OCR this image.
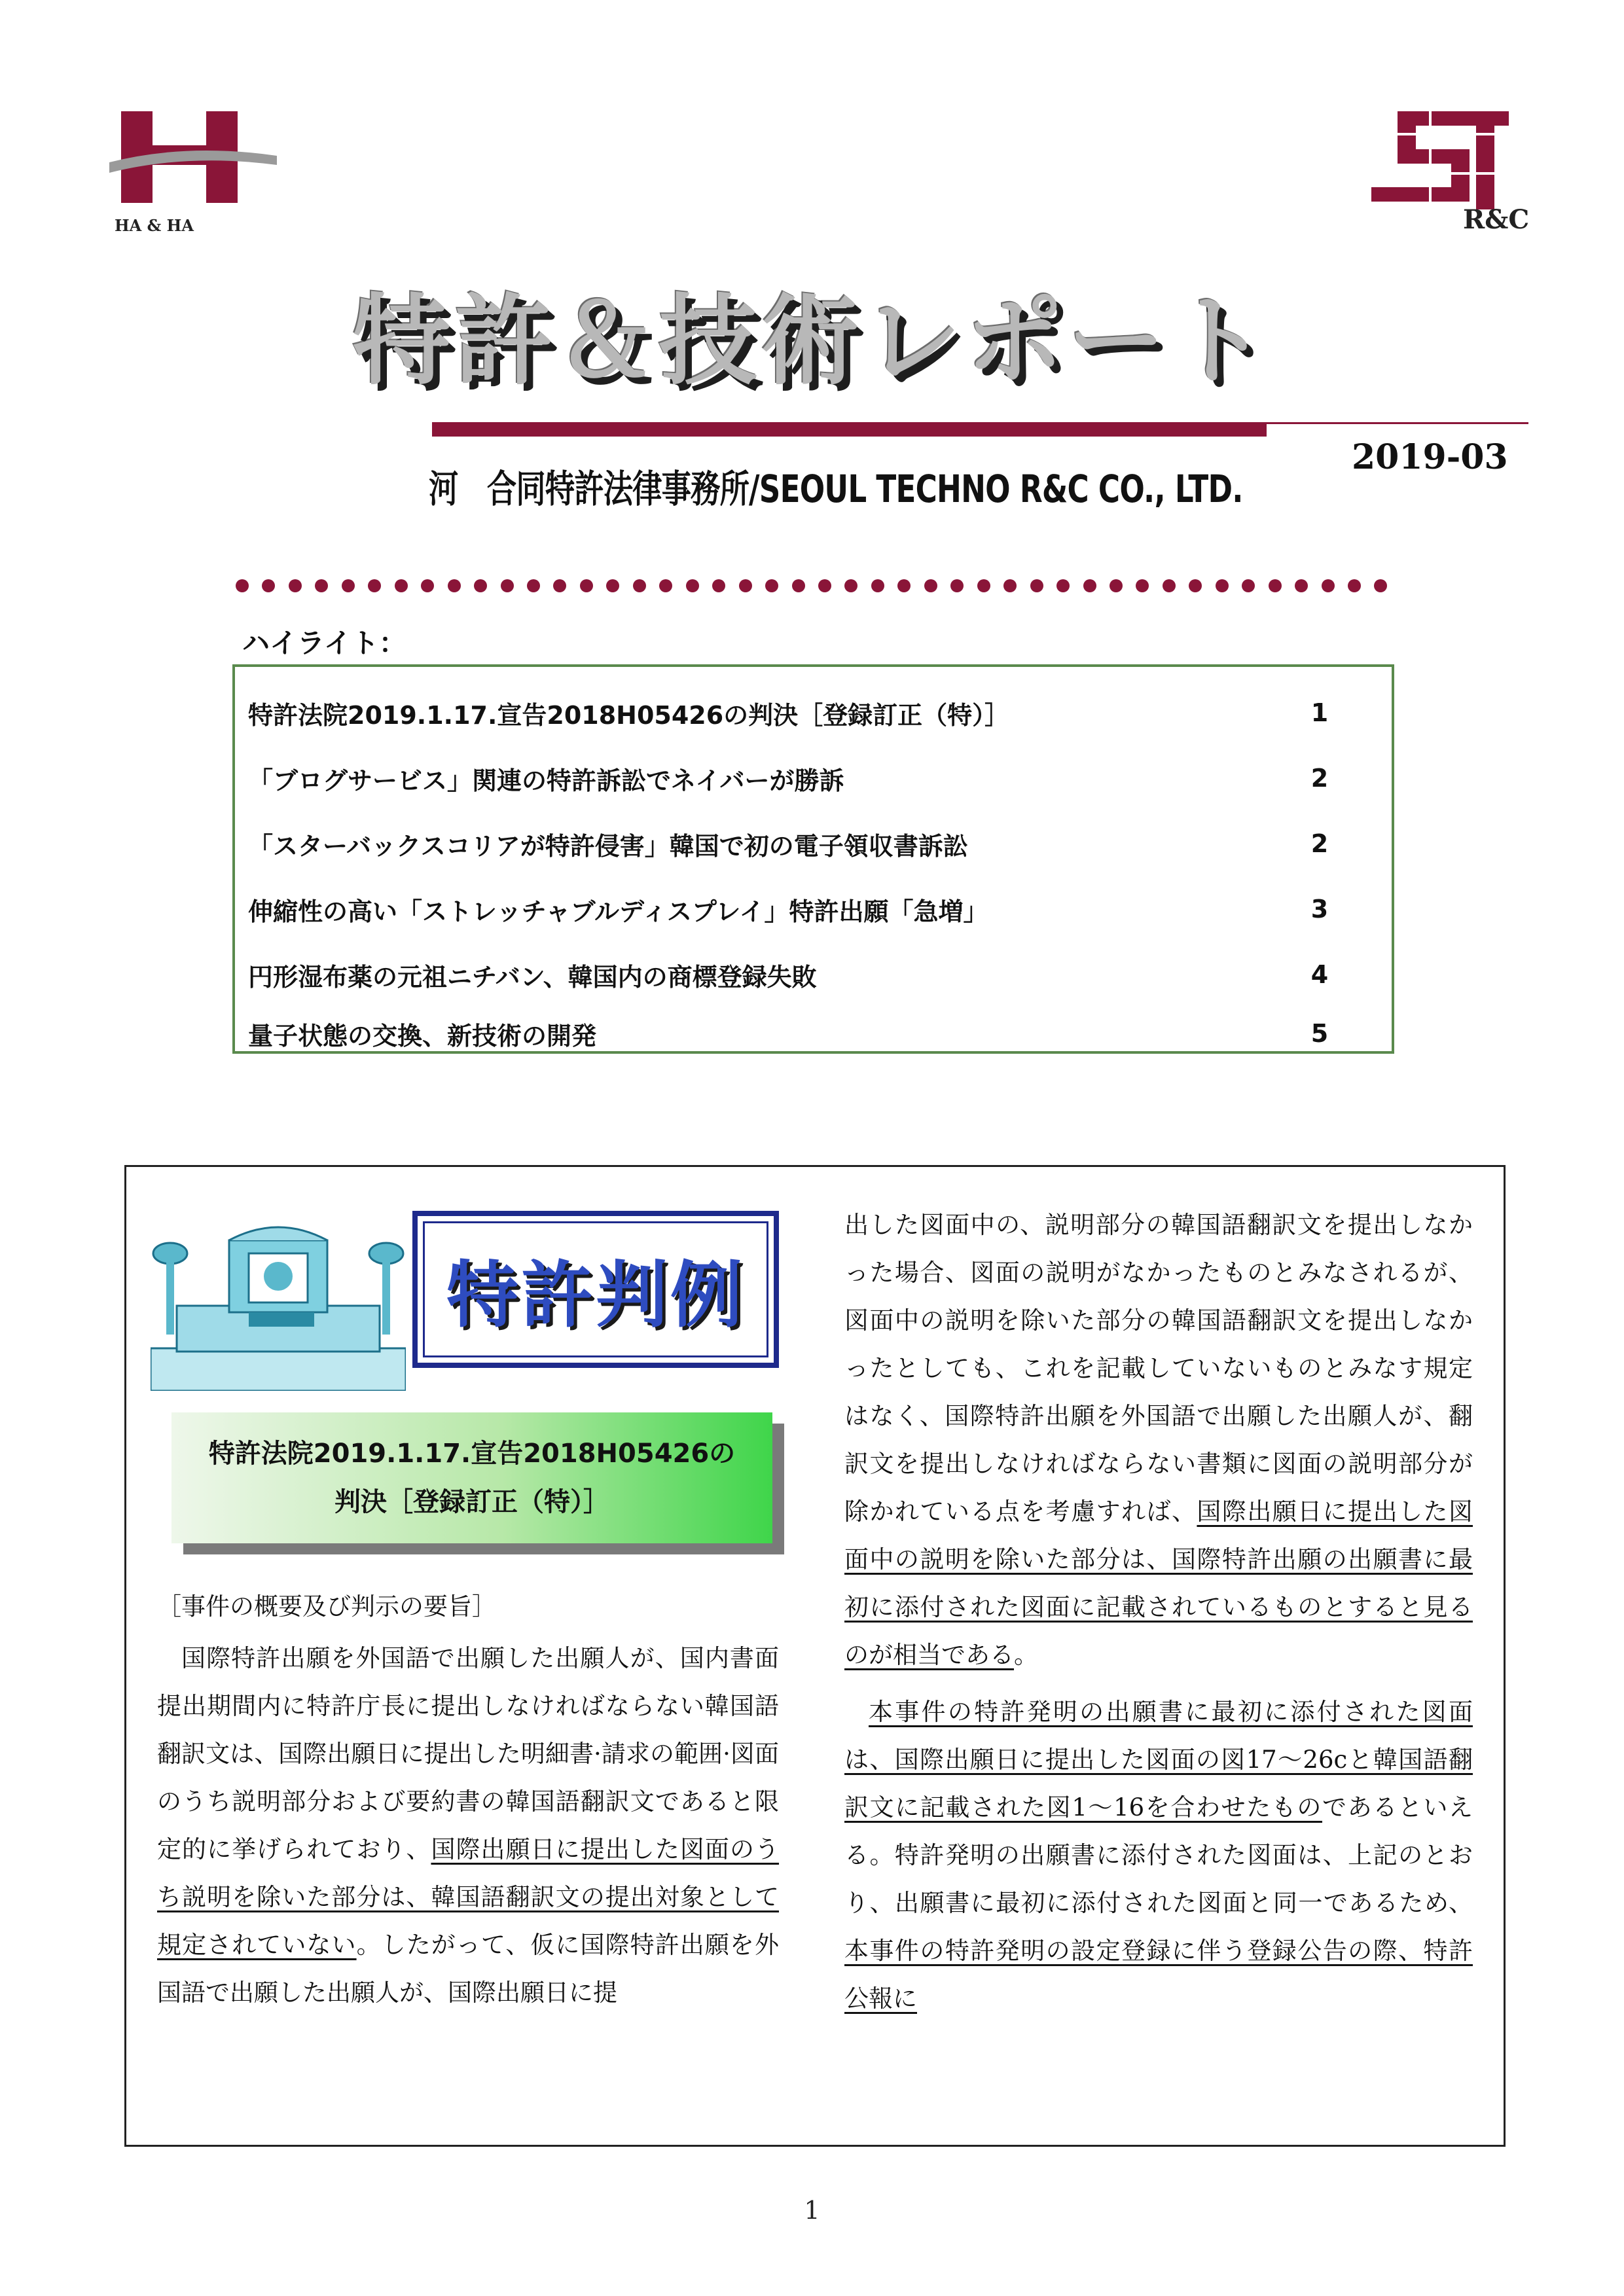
HA & HA	R&C
特許＆技術レポート
河　合同特許法律事務所/SEOUL TECHNO R&C CO., LTD.
2019-03
ハイライト：
特許法院2019.1.17.宣告2018H05426の判決［登録訂正（特）］	1
「ブログサービス」関連の特許訴訟でネイバーが勝訴	2
「スターバックスコリアが特許侵害」韓国で初の電子領収書訴訟	2
伸縮性の高い「ストレッチャブルディスプレイ」特許出願「急増」	3
円形湿布薬の元祖ニチバン、韓国内の商標登録失敗	4
量子状態の交換、新技術の開発	5
特許判例
特許法院2019.1.17.宣告2018H05426の
判決［登録訂正（特）］

［事件の概要及び判示の要旨］

国際特許出願を外国語で出願した出願人が、国内書面提出期間内に特許庁長に提出しなければならない韓国語翻訳文は、国際出願日に提出した明細書·請求の範囲·図面のうち説明部分および要約書の韓国語翻訳文であると限定的に挙げられており、国際出願日に提出した図面のうち説明を除いた部分は、韓国語翻訳文の提出対象として規定されていない。したがって、仮に国際特許出願を外国語で出願した出願人が、国際出願日に提

出した図面中の、説明部分の韓国語翻訳文を提出しなかった場合、図面の説明がなかったものとみなされるが、図面中の説明を除いた部分の韓国語翻訳文を提出しなかったとしても、これを記載していないものとみなす規定はなく、国際特許出願を外国語で出願した出願人が、翻訳文を提出しなければならない書類に図面の説明部分が除かれている点を考慮すれば、国際出願日に提出した図面中の説明を除いた部分は、国際特許出願の出願書に最初に添付された図面に記載されているものとすると見るのが相当である。

本事件の特許発明の出願書に最初に添付された図面は、国際出願日に提出した図面の図17～26cと韓国語翻訳文に記載された図1～16を合わせたものであるといえる。特許発明の出願書に添付された図面は、上記のとおり、出願書に最初に添付された図面と同一であるため、本事件の特許発明の設定登録に伴う登録公告の際、特許公報に

1
